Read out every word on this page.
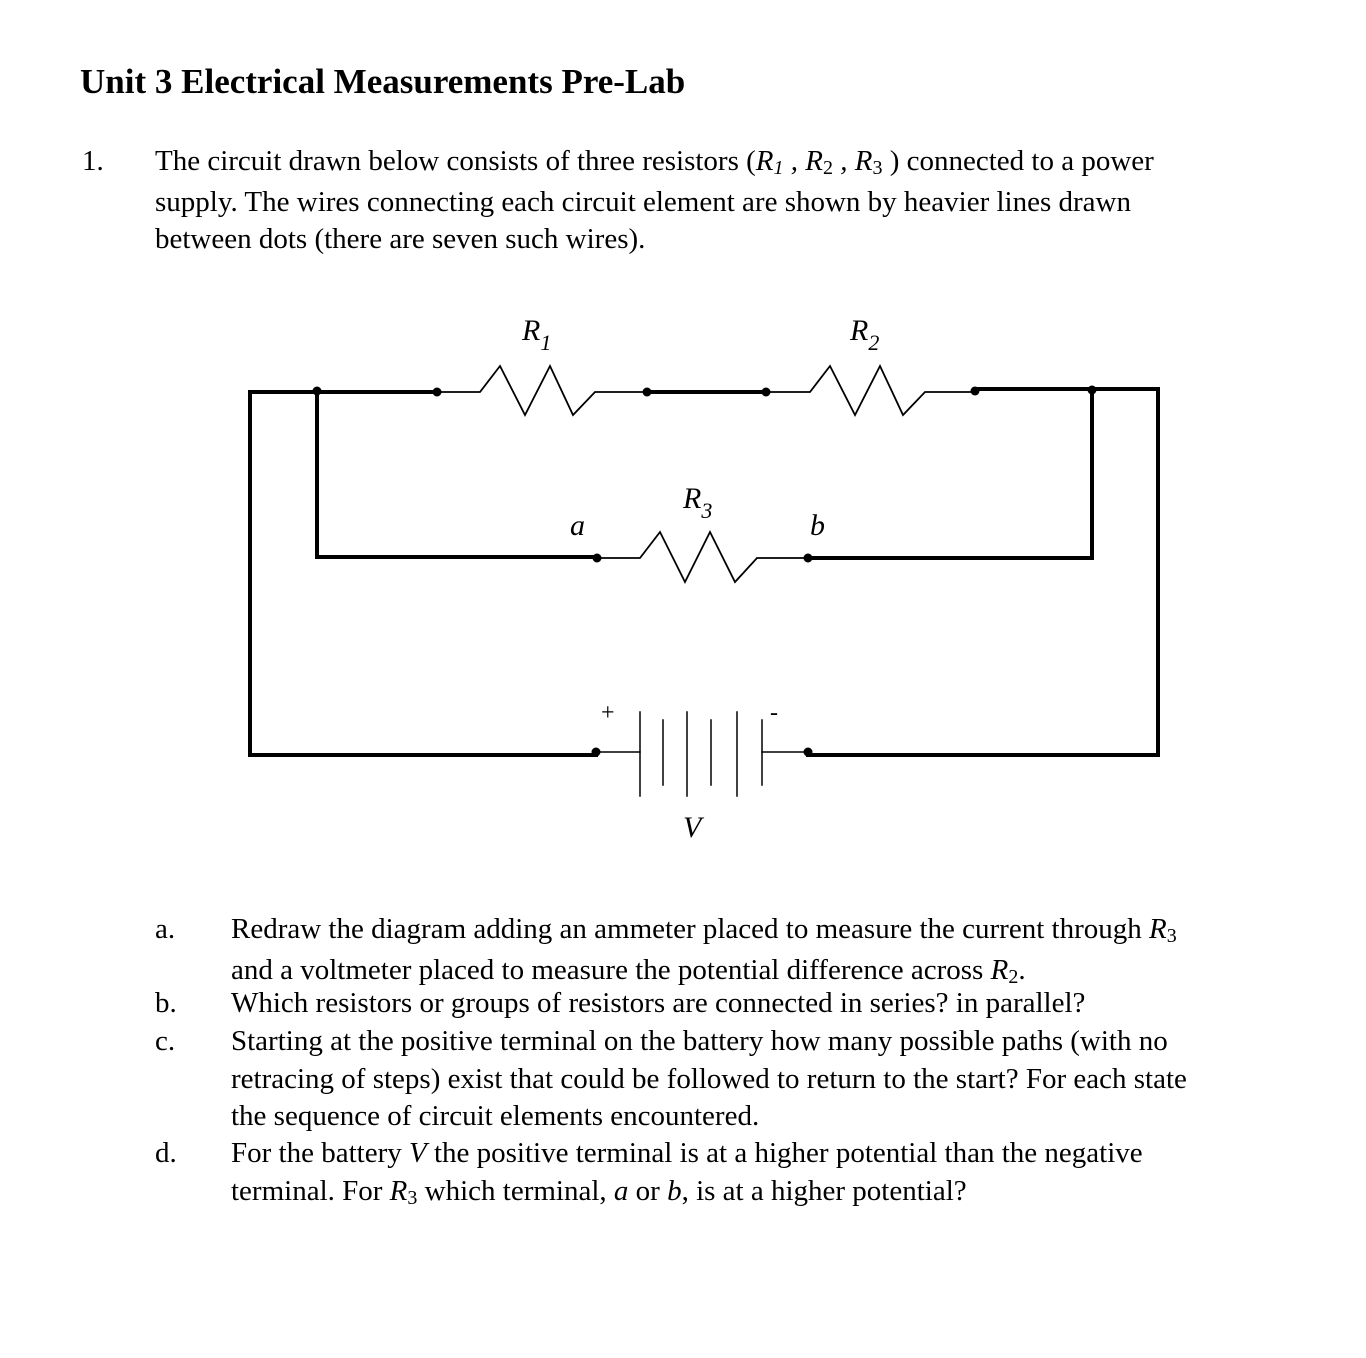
Unit 3 Electrical Measurements Pre-Lab
1. The circuit drawn below consists of three resistors ($R_1$ , $R_2$ , $R_3$ ) connected to a power
supply. The wires connecting each circuit element are shown by heavier lines drawn
between dots (there are seven such wires).
$R_1$	$R_2$
$R_3$
a	b
V
+	-
a. Redraw the diagram adding an ammeter placed to measure the current through $R_3$
and a voltmeter placed to measure the potential difference across $R_2$.
b. Which resistors or groups of resistors are connected in series? in parallel?
c. Starting at the positive terminal on the battery how many possible paths (with no
retracing of steps) exist that could be followed to return to the start? For each state
the sequence of circuit elements encountered.
d. For the battery V the positive terminal is at a higher potential than the negative
terminal. For $R_3$ which terminal, a or b, is at a higher potential?
